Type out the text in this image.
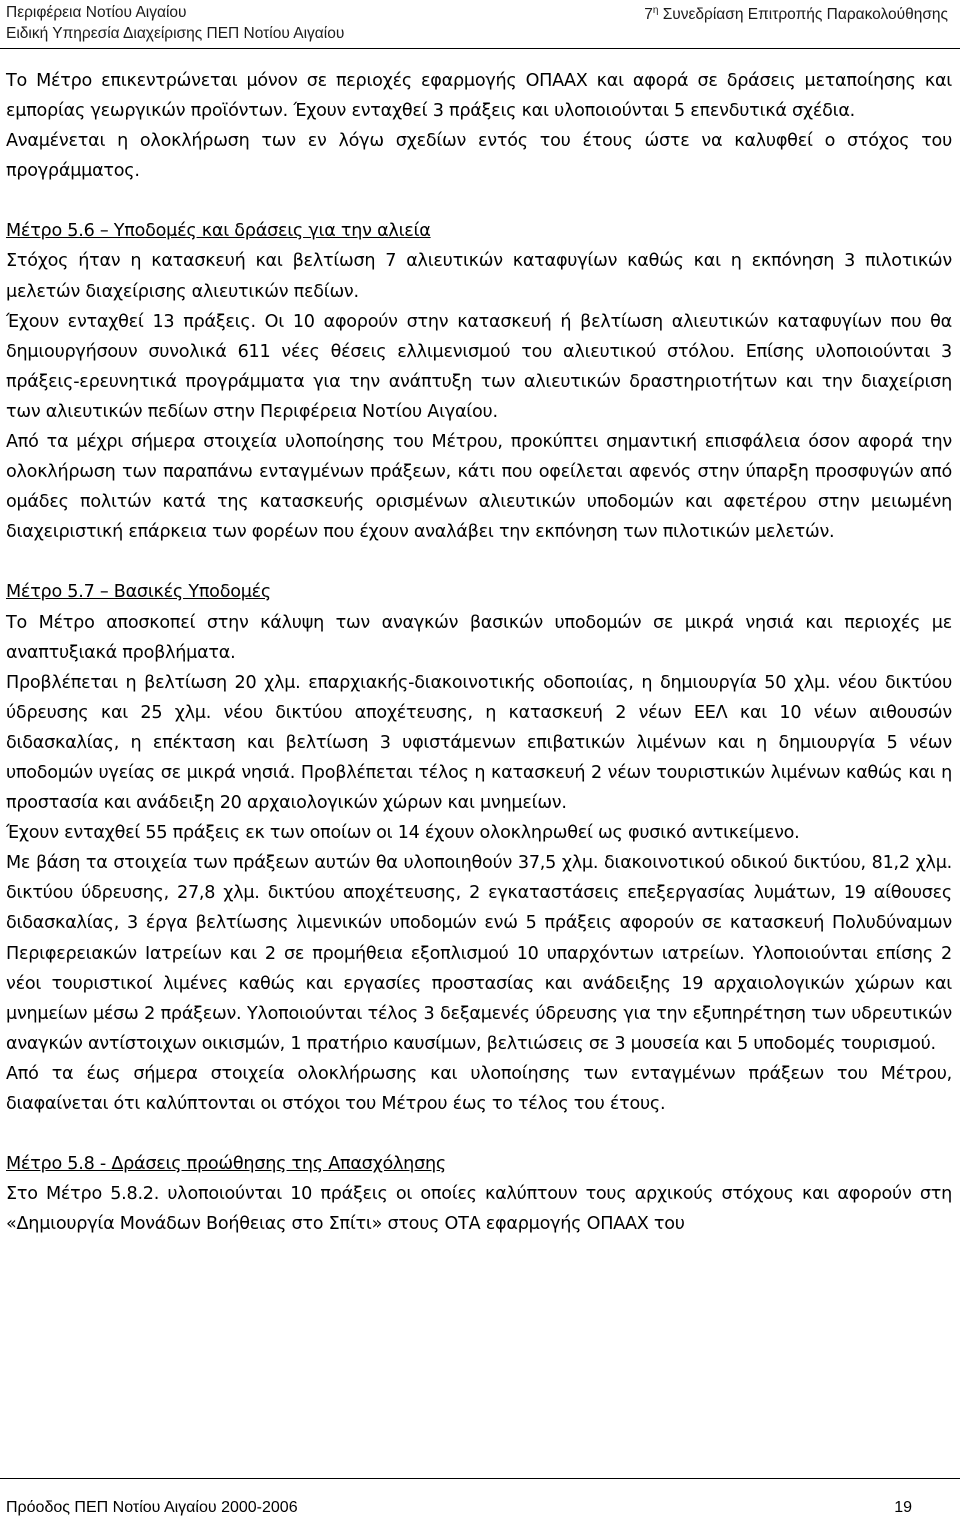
Περιφέρεια Νοτίου Αιγαίου
Ειδική Υπηρεσία Διαχείρισης ΠΕΠ Νοτίου Αιγαίου
$7^\eta$ Συνεδρίαση Επιτροπής Παρακολούθησης

Το Μέτρο επικεντρώνεται μόνον σε περιοχές εφαρμογής ΟΠΑΑΧ και αφορά σε δράσεις μεταποίησης και εμπορίας γεωργικών προϊόντων. Έχουν ενταχθεί 3 πράξεις και υλοποιούνται 5 επενδυτικά σχέδια.

Αναμένεται η ολοκλήρωση των εν λόγω σχεδίων εντός του έτους ώστε να καλυφθεί ο στόχος του προγράμματος.

Μέτρο 5.6 – Υποδομές και δράσεις για την αλιεία

Στόχος ήταν η κατασκευή και βελτίωση 7 αλιευτικών καταφυγίων καθώς και η εκπόνηση 3 πιλοτικών μελετών διαχείρισης αλιευτικών πεδίων.

Έχουν ενταχθεί 13 πράξεις. Οι 10 αφορούν στην κατασκευή ή βελτίωση αλιευτικών καταφυγίων που θα δημιουργήσουν συνολικά 611 νέες θέσεις ελλιμενισμού του αλιευτικού στόλου. Επίσης υλοποιούνται 3 πράξεις-ερευνητικά προγράμματα για την ανάπτυξη των αλιευτικών δραστηριοτήτων και την διαχείριση των αλιευτικών πεδίων στην Περιφέρεια Νοτίου Αιγαίου.

Από τα μέχρι σήμερα στοιχεία υλοποίησης του Μέτρου, προκύπτει σημαντική επισφάλεια όσον αφορά την ολοκλήρωση των παραπάνω ενταγμένων πράξεων, κάτι που οφείλεται αφενός στην ύπαρξη προσφυγών από ομάδες πολιτών κατά της κατασκευής ορισμένων αλιευτικών υποδομών και αφετέρου στην μειωμένη διαχειριστική επάρκεια των φορέων που έχουν αναλάβει την εκπόνηση των πιλοτικών μελετών.

Μέτρο 5.7 – Βασικές Υποδομές

Το Μέτρο αποσκοπεί στην κάλυψη των αναγκών βασικών υποδομών σε μικρά νησιά και περιοχές με αναπτυξιακά προβλήματα.

Προβλέπεται η βελτίωση 20 χλμ. επαρχιακής-διακοινοτικής οδοποιίας, η δημιουργία 50 χλμ. νέου δικτύου ύδρευσης και 25 χλμ. νέου δικτύου αποχέτευσης, η κατασκευή 2 νέων ΕΕΛ και 10 νέων αιθουσών διδασκαλίας, η επέκταση και βελτίωση 3 υφιστάμενων επιβατικών λιμένων και η δημιουργία 5 νέων υποδομών υγείας σε μικρά νησιά. Προβλέπεται τέλος η κατασκευή 2 νέων τουριστικών λιμένων καθώς και η προστασία και ανάδειξη 20 αρχαιολογικών χώρων και μνημείων.

Έχουν ενταχθεί 55 πράξεις εκ των οποίων οι 14 έχουν ολοκληρωθεί ως φυσικό αντικείμενο.

Με βάση τα στοιχεία των πράξεων αυτών θα υλοποιηθούν 37,5 χλμ. διακοινοτικού οδικού δικτύου, 81,2 χλμ. δικτύου ύδρευσης, 27,8 χλμ. δικτύου αποχέτευσης, 2 εγκαταστάσεις επεξεργασίας λυμάτων, 19 αίθουσες διδασκαλίας, 3 έργα βελτίωσης λιμενικών υποδομών ενώ 5 πράξεις αφορούν σε κατασκευή Πολυδύναμων Περιφερειακών Ιατρείων και 2 σε προμήθεια εξοπλισμού 10 υπαρχόντων ιατρείων. Υλοποιούνται επίσης 2 νέοι τουριστικοί λιμένες καθώς και εργασίες προστασίας και ανάδειξης 19 αρχαιολογικών χώρων και μνημείων μέσω 2 πράξεων. Υλοποιούνται τέλος 3 δεξαμενές ύδρευσης για την εξυπηρέτηση των υδρευτικών αναγκών αντίστοιχων οικισμών, 1 πρατήριο καυσίμων, βελτιώσεις σε 3 μουσεία και 5 υποδομές τουρισμού.

Από τα έως σήμερα στοιχεία ολοκλήρωσης και υλοποίησης των ενταγμένων πράξεων του Μέτρου, διαφαίνεται ότι καλύπτονται οι στόχοι του Μέτρου έως το τέλος του έτους.

Μέτρο 5.8 - Δράσεις προώθησης της Απασχόλησης

Στο Μέτρο 5.8.2. υλοποιούνται 10 πράξεις οι οποίες καλύπτουν τους αρχικούς στόχους και αφορούν στη «Δημιουργία Μονάδων Βοήθειας στο Σπίτι» στους ΟΤΑ εφαρμογής ΟΠΑΑΧ του

Πρόοδος ΠΕΠ Νοτίου Αιγαίου 2000-2006	19
